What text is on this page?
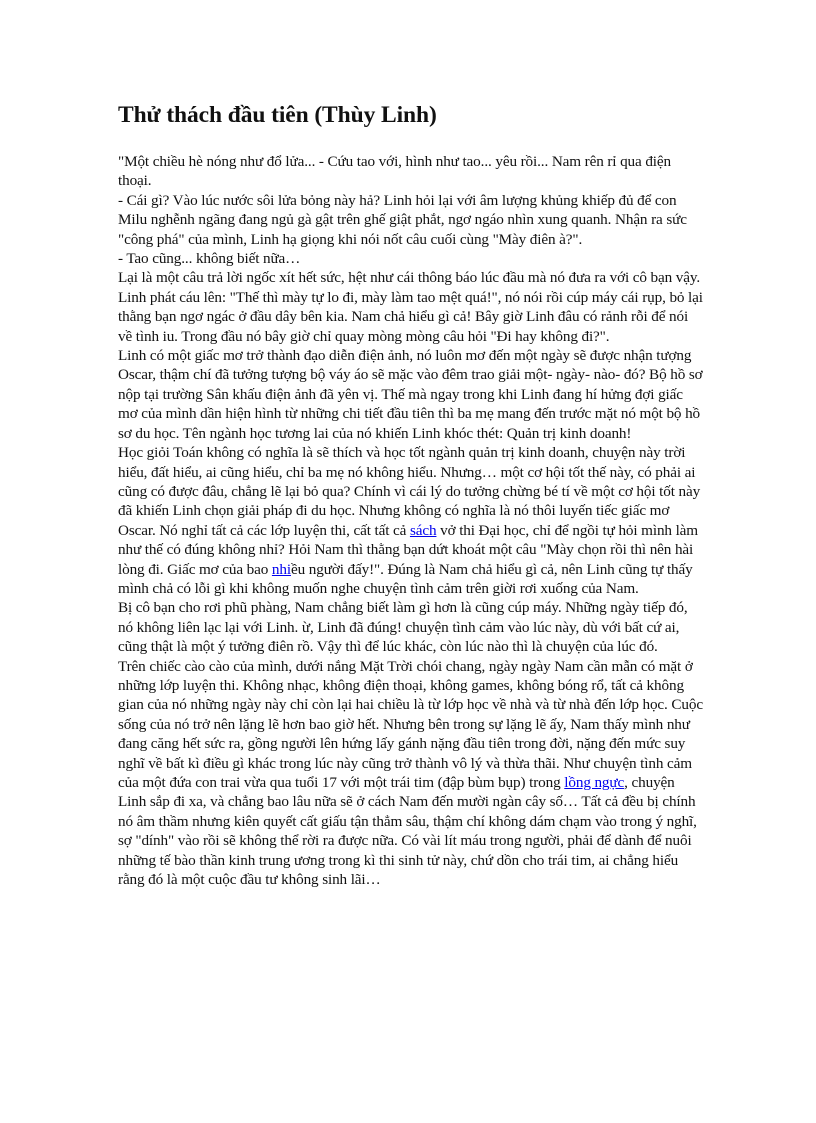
Thử thách đầu tiên (Thùy Linh)

"Một chiều hè nóng như đổ lửa... - Cứu tao với, hình như tao... yêu rồi... Nam rên rỉ qua điện thoại.

- Cái gì? Vào lúc nước sôi lửa bỏng này hả? Linh hỏi lại với âm lượng khủng khiếp đủ để con Milu nghễnh ngãng đang ngủ gà gật trên ghế giật phắt, ngơ ngáo nhìn xung quanh. Nhận ra sức "công phá" của mình, Linh hạ giọng khi nói nốt câu cuối cùng "Mày điên à?".

- Tao cũng... không biết nữa…

Lại là một câu trả lời ngốc xít hết sức, hệt như cái thông báo lúc đầu mà nó đưa ra với cô bạn vậy. Linh phát cáu lên: "Thế thì mày tự lo đi, mày làm tao mệt quá!", nó nói rồi cúp máy cái rụp, bỏ lại thằng bạn ngơ ngác ở đầu dây bên kia. Nam chả hiểu gì cả! Bây giờ Linh đâu có rảnh rỗi để nói về tình iu. Trong đầu nó bây giờ chỉ quay mòng mòng câu hỏi "Đi hay không đi?".

Linh có một giấc mơ trở thành đạo diễn điện ảnh, nó luôn mơ đến một ngày sẽ được nhận tượng Oscar, thậm chí đã tưởng tượng bộ váy áo sẽ mặc vào đêm trao giải một- ngày- nào- đó? Bộ hồ sơ nộp tại trường Sân khấu điện ảnh đã yên vị. Thế mà ngay trong khi Linh đang hí hửng đợi giấc mơ của mình dần hiện hình từ những chi tiết đầu tiên thì ba mẹ mang đến trước mặt nó một bộ hồ sơ du học. Tên ngành học tương lai của nó khiến Linh khóc thét: Quản trị kinh doanh!

Học giỏi Toán không có nghĩa là sẽ thích và học tốt ngành quản trị kinh doanh, chuyện này trời hiểu, đất hiểu, ai cũng hiểu, chỉ ba mẹ nó không hiểu. Nhưng… một cơ hội tốt thế này, có phải ai cũng có được đâu, chẳng lẽ lại bỏ qua? Chính vì cái lý do tưởng chừng bé tí về một cơ hội tốt này đã khiến Linh chọn giải pháp đi du học. Nhưng không có nghĩa là nó thôi luyến tiếc giấc mơ Oscar. Nó nghỉ tất cả các lớp luyện thi, cất tất cả sách vở thi Đại học, chỉ để ngồi tự hỏi mình làm như thế có đúng không nhỉ? Hỏi Nam thì thằng bạn dứt khoát một câu "Mày chọn rồi thì nên hài lòng đi. Giấc mơ của bao nhiều người đấy!". Đúng là Nam chả hiểu gì cả, nên Linh cũng tự thấy mình chả có lỗi gì khi không muốn nghe chuyện tình cảm trên giời rơi xuống của Nam.

Bị cô bạn cho rơi phũ phàng, Nam chẳng biết làm gì hơn là cũng cúp máy. Những ngày tiếp đó, nó không liên lạc lại với Linh. ừ, Linh đã đúng! chuyện tình cảm vào lúc này, dù với bất cứ ai, cũng thật là một ý tưởng điên rồ. Vậy thì để lúc khác, còn lúc nào thì là chuyện của lúc đó.

Trên chiếc cào cào của mình, dưới nắng Mặt Trời chói chang, ngày ngày Nam cần mẫn có mặt ở những lớp luyện thi. Không nhạc, không điện thoại, không games, không bóng rổ, tất cả không gian của nó những ngày này chỉ còn lại hai chiều là từ lớp học về nhà và từ nhà đến lớp học. Cuộc sống của nó trở nên lặng lẽ hơn bao giờ hết. Nhưng bên trong sự lặng lẽ ấy, Nam thấy mình như đang căng hết sức ra, gồng người lên hứng lấy gánh nặng đầu tiên trong đời, nặng đến mức suy nghĩ về bất kì điều gì khác trong lúc này cũng trở thành vô lý và thừa thãi. Như chuyện tình cảm của một đứa con trai vừa qua tuổi 17 với một trái tim (đập bùm bụp) trong lồng ngực, chuyện Linh sắp đi xa, và chẳng bao lâu nữa sẽ ở cách Nam đến mười ngàn cây số… Tất cả đều bị chính nó âm thầm nhưng kiên quyết cất giấu tận thẳm sâu, thậm chí không dám chạm vào trong ý nghĩ, sợ "dính" vào rồi sẽ không thể rời ra được nữa. Có vài lít máu trong người, phải để dành để nuôi những tế bào thần kinh trung ương trong kì thi sinh tử này, chứ dồn cho trái tim, ai chẳng hiểu rằng đó là một cuộc đầu tư không sinh lãi…
